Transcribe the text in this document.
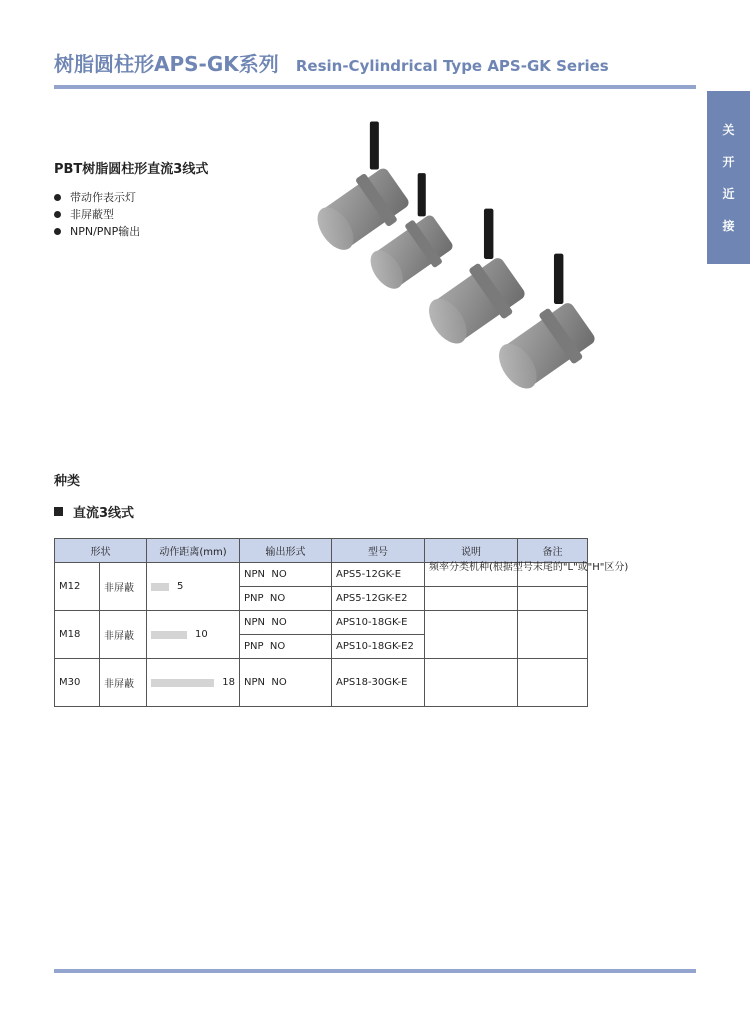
树脂圆柱形APS-GK系列 Resin-Cylindrical Type APS-GK Series
关
开
近
接
PBT树脂圆柱形直流3线式
带动作表示灯
非屏蔽型
NPN/PNP输出
种类
直流3线式
形状		动作距离(mm)	输出形式	型号	说明	备注
M12	非屏蔽	5	NPN NO	APS5-12GK-E	频率分类机种(根据型号末尾的"L"或"H"区分)	
			PNP NO	APS5-12GK-E2		
M18	非屏蔽	10	NPN NO	APS10-18GK-E		
			PNP NO	APS10-18GK-E2		
M30	非屏蔽	18	NPN NO	APS18-30GK-E		
